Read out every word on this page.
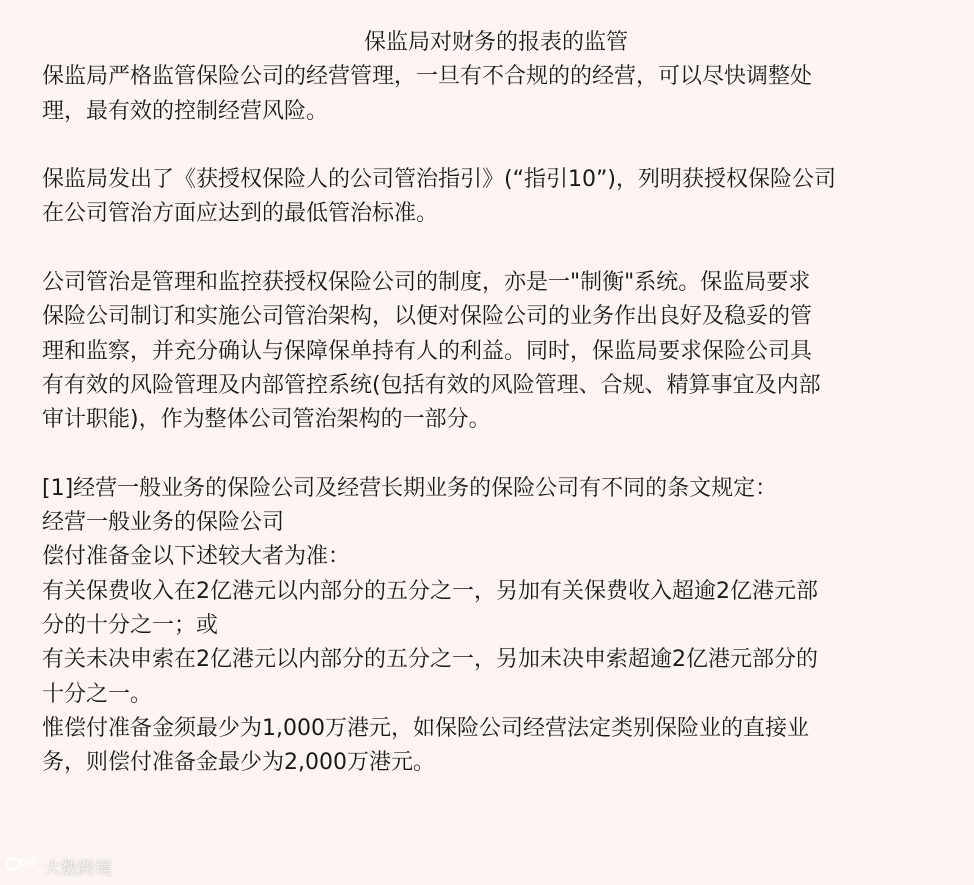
保监局对财务的报表的监管

保监局严格监管保险公司的经营管理，一旦有不合规的的经营，可以尽快调整处
理，最有效的控制经营风险。

保监局发出了《获授权保险人的公司管治指引》(“指引10”)，列明获授权保险公司
在公司管治方面应达到的最低管治标准。

公司管治是管理和监控获授权保险公司的制度，亦是一"制衡"系统。保监局要求
保险公司制订和实施公司管治架构，以便对保险公司的业务作出良好及稳妥的管
理和监察，并充分确认与保障保单持有人的利益。同时，保监局要求保险公司具
有有效的风险管理及内部管控系统(包括有效的风险管理、合规、精算事宜及内部
审计职能)，作为整体公司管治架构的一部分。

[1]经营一般业务的保险公司及经营长期业务的保险公司有不同的条文规定：
经营一般业务的保险公司
偿付准备金以下述较大者为准：
有关保费收入在2亿港元以内部分的五分之一，另加有关保费收入超逾2亿港元部
分的十分之一；或
有关未决申索在2亿港元以内部分的五分之一，另加未决申索超逾2亿港元部分的
十分之一。
惟偿付准备金须最少为1,000万港元，如保险公司经营法定类别保险业的直接业
务，则偿付准备金最少为2,000万港元。

大数跨境
